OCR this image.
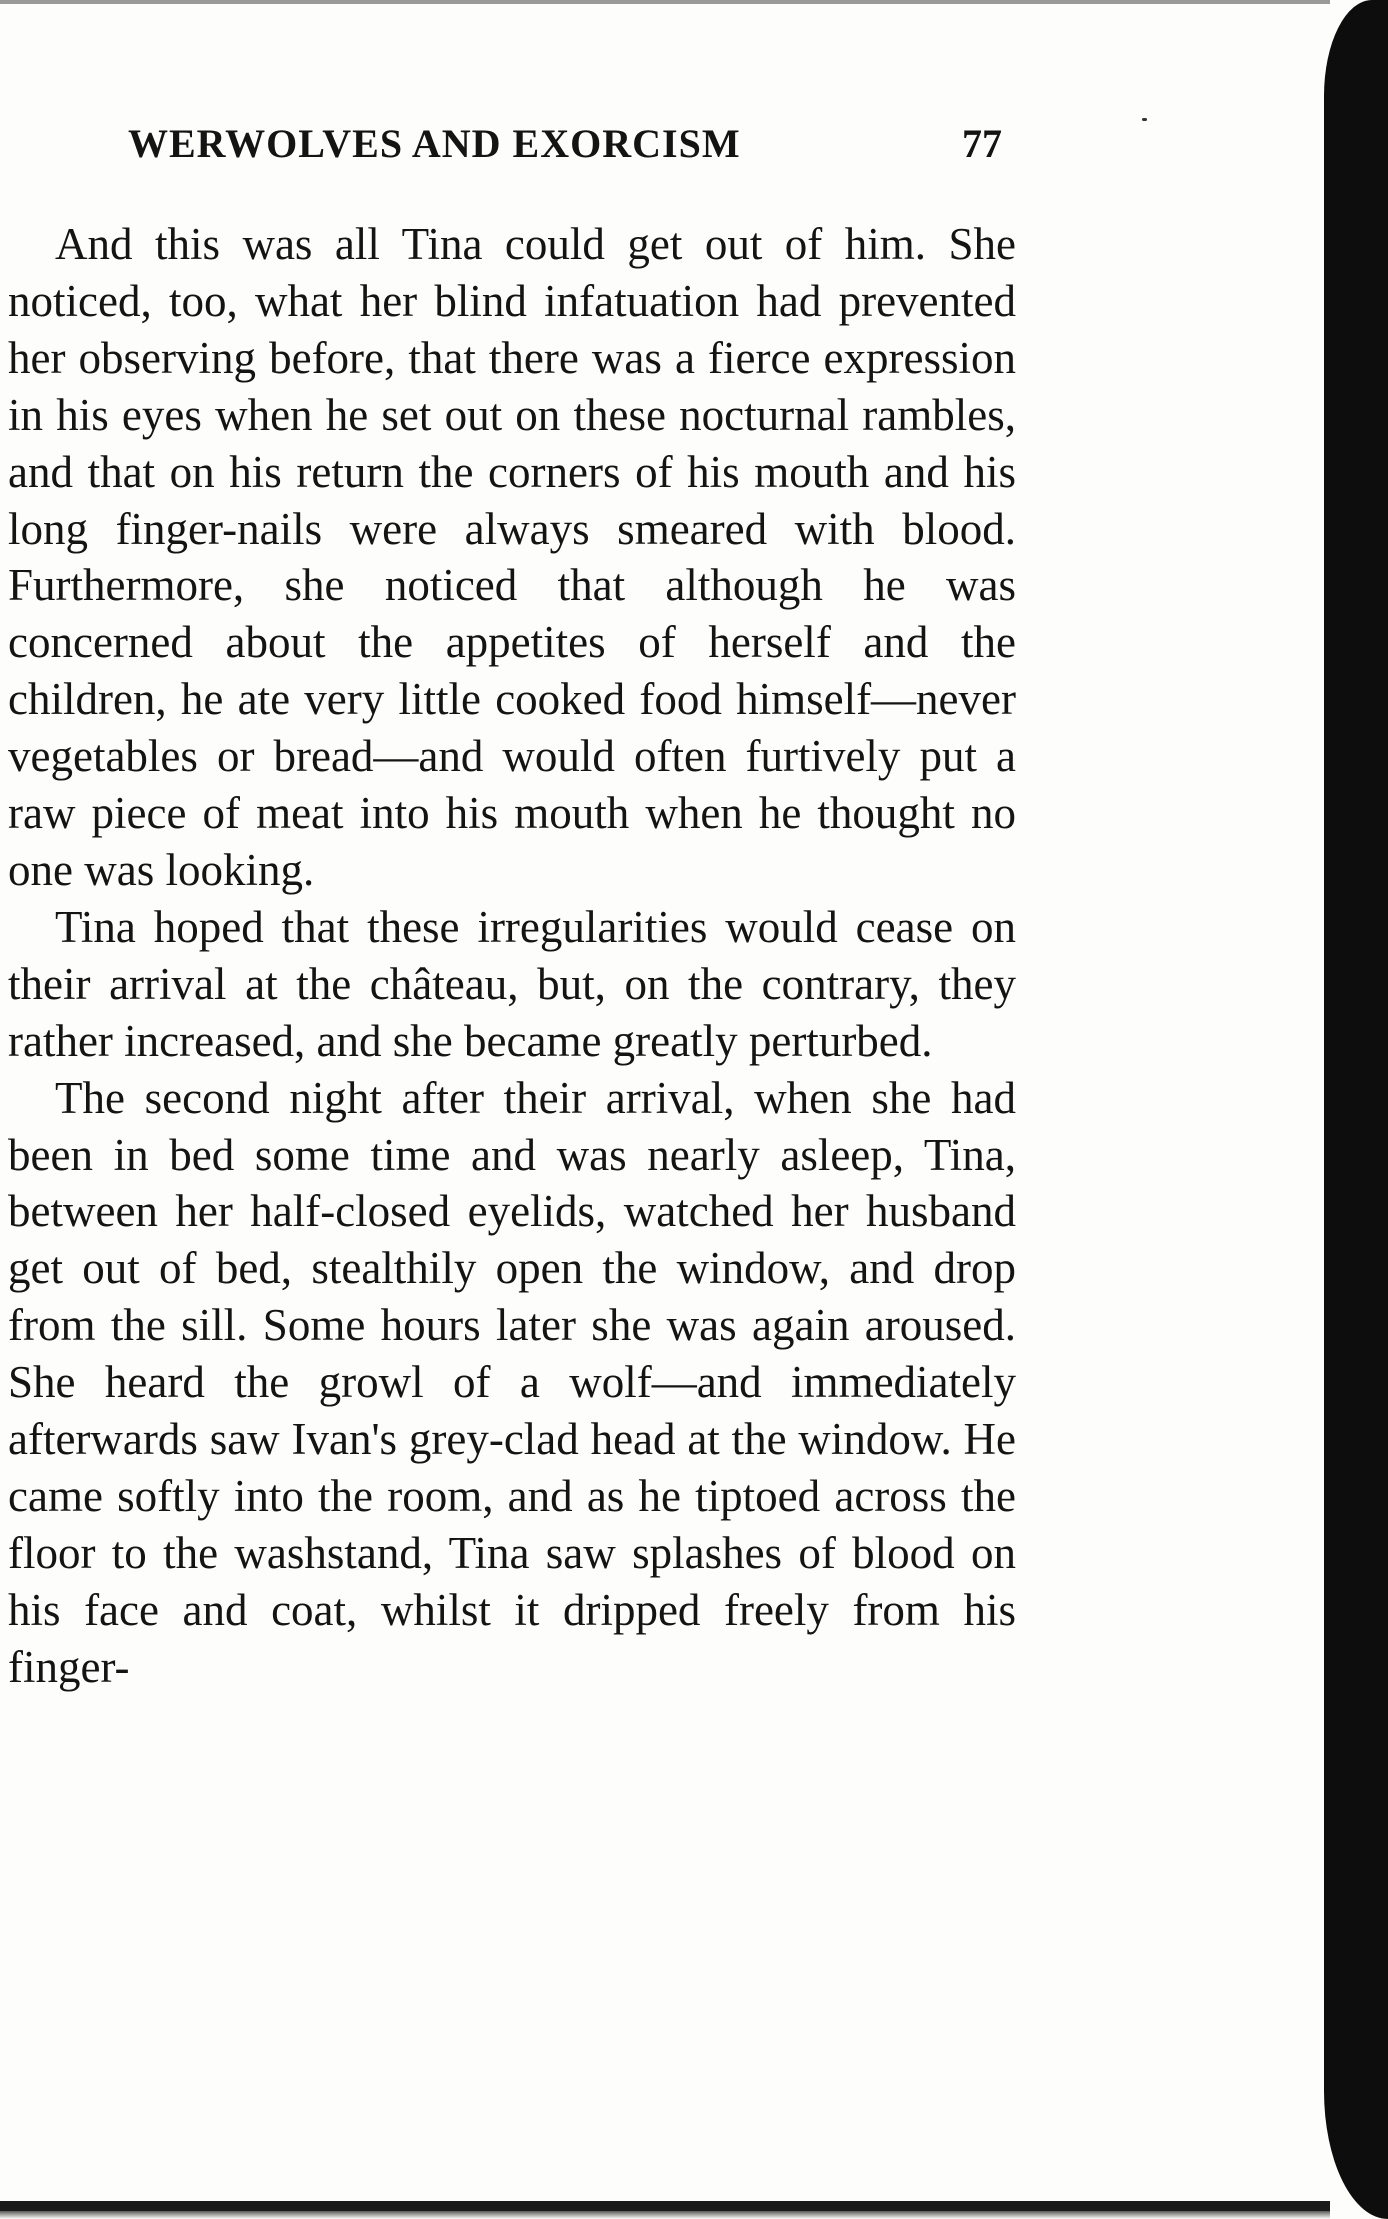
WERWOLVES AND EXORCISM	77

And this was all Tina could get out of him. She noticed, too, what her blind infatuation had prevented her observing before, that there was a fierce expression in his eyes when he set out on these nocturnal rambles, and that on his return the corners of his mouth and his long finger-nails were always smeared with blood. Furthermore, she noticed that although he was concerned about the appetites of herself and the children, he ate very little cooked food himself—never vegetables or bread—and would often furtively put a raw piece of meat into his mouth when he thought no one was looking.

Tina hoped that these irregularities would cease on their arrival at the château, but, on the contrary, they rather increased, and she became greatly perturbed.

The second night after their arrival, when she had been in bed some time and was nearly asleep, Tina, between her half-closed eyelids, watched her husband get out of bed, stealthily open the window, and drop from the sill. Some hours later she was again aroused. She heard the growl of a wolf—and immediately afterwards saw Ivan's grey-clad head at the window. He came softly into the room, and as he tiptoed across the floor to the washstand, Tina saw splashes of blood on his face and coat, whilst it dripped freely from his finger-
